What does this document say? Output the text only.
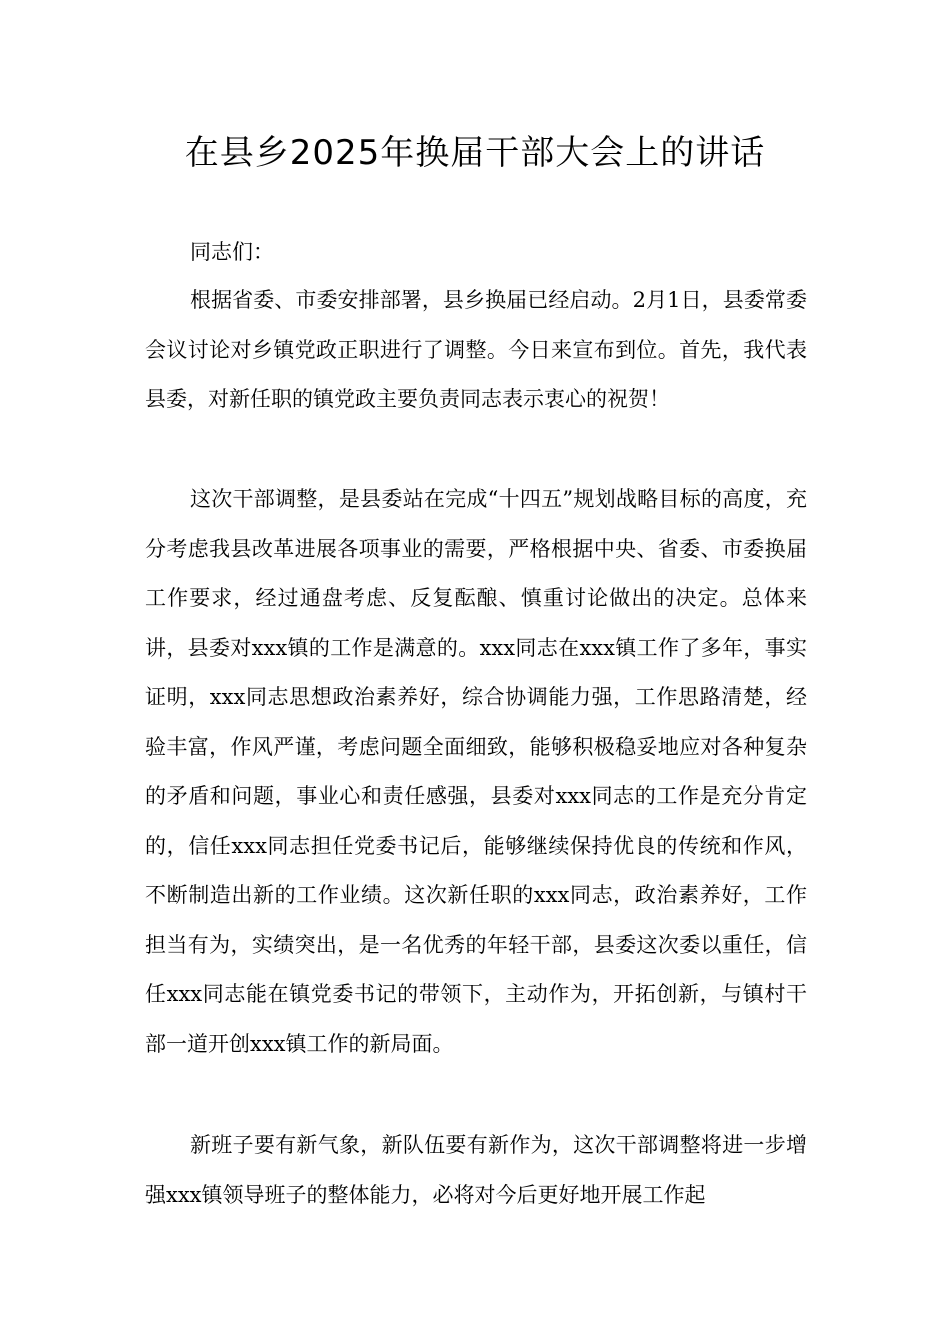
在县乡2025年换届干部大会上的讲话

同志们：

根据省委、市委安排部署，县乡换届已经启动。2月1日，县委常委会议讨论对乡镇党政正职进行了调整。今日来宣布到位。首先，我代表县委，对新任职的镇党政主要负责同志表示衷心的祝贺！

这次干部调整，是县委站在完成“十四五”规划战略目标的高度，充分考虑我县改革进展各项事业的需要，严格根据中央、省委、市委换届工作要求，经过通盘考虑、反复酝酿、慎重讨论做出的决定。总体来讲，县委对xxx镇的工作是满意的。xxx同志在xxx镇工作了多年，事实证明，xxx同志思想政治素养好，综合协调能力强，工作思路清楚，经验丰富，作风严谨，考虑问题全面细致，能够积极稳妥地应对各种复杂的矛盾和问题，事业心和责任感强，县委对xxx同志的工作是充分肯定的，信任xxx同志担任党委书记后，能够继续保持优良的传统和作风，不断制造出新的工作业绩。这次新任职的xxx同志，政治素养好，工作担当有为，实绩突出，是一名优秀的年轻干部，县委这次委以重任，信任xxx同志能在镇党委书记的带领下，主动作为，开拓创新，与镇村干部一道开创xxx镇工作的新局面。

新班子要有新气象，新队伍要有新作为，这次干部调整将进一步增强xxx镇领导班子的整体能力，必将对今后更好地开展工作起
